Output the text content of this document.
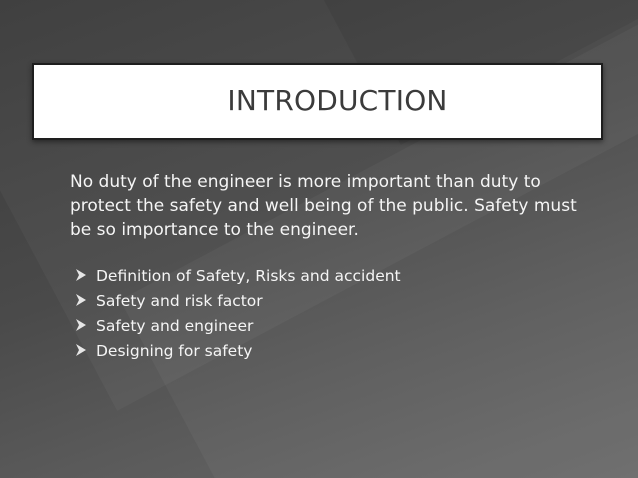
INTRODUCTION

No duty of the engineer is more important than duty to protect the safety and well being of the public. Safety must be so importance to the engineer.

Definition of Safety, Risks and accident
Safety and risk factor
Safety and engineer
Designing for safety
